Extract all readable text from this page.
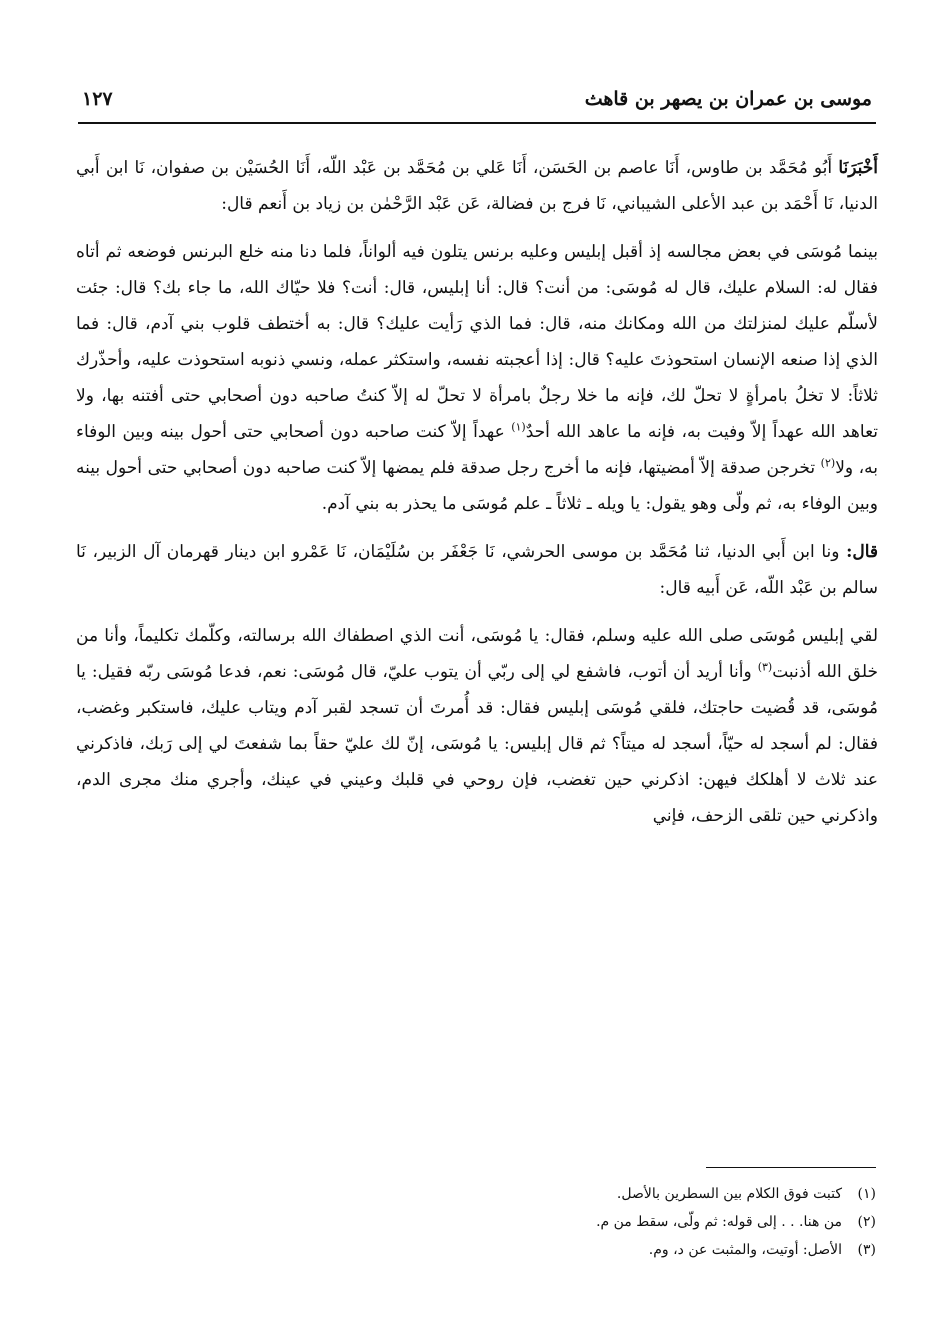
موسى بن عمران بن يصهر بن قاهث
١٢٧

أَخْبَرَنَا أَبُو مُحَمَّد بن طاوس، أَنَا عاصم بن الحَسَن، أَنَا عَلي بن مُحَمَّد بن عَبْد اللّه، أَنَا الحُسَيْن بن صفوان، نَا ابن أَبي الدنيا، نَا أَحْمَد بن عبد الأعلى الشيباني، نَا فرج بن فضالة، عَن عَبْد الرَّحْمٰن بن زياد بن أَنعم قال:

بينما مُوسَى في بعض مجالسه إذ أقبل إبليس وعليه برنس يتلون فيه ألواناً، فلما دنا منه خلع البرنس فوضعه ثم أتاه فقال له: السلام عليك، قال له مُوسَى: من أنت؟ قال: أنا إبليس، قال: أنت؟ فلا حيّاك الله، ما جاء بك؟ قال: جئت لأسلّم عليك لمنزلتك من الله ومكانك منه، قال: فما الذي رَأيت عليك؟ قال: به أختطف قلوب بني آدم، قال: فما الذي إذا صنعه الإنسان استحوذتَ عليه؟ قال: إذا أعجبته نفسه، واستكثر عمله، ونسي ذنوبه استحوذت عليه، وأحذّرك ثلاثاً: لا تخلُ بامرأةٍ لا تحلّ لك، فإنه ما خلا رجلٌ بامرأة لا تحلّ له إلاّ كنتُ صاحبه دون أصحابي حتى أفتنه بها، ولا تعاهد الله عهداً إلاّ وفيت به، فإنه ما عاهد الله أحدٌ$^{(١)}$ عهداً إلاّ كنت صاحبه دون أصحابي حتى أحول بينه وبين الوفاء به، ولا$^{(٢)}$ تخرجن صدقة إلاّ أمضيتها، فإنه ما أخرج رجل صدقة فلم يمضها إلاّ كنت صاحبه دون أصحابي حتى أحول بينه وبين الوفاء به، ثم ولّى وهو يقول: يا ويله ـ ثلاثاً ـ علم مُوسَى ما يحذر به بني آدم.

قال: ونا ابن أَبي الدنيا، ثنا مُحَمَّد بن موسى الحرشي، نَا جَعْفَر بن سُلَيْمَان، نَا عَمْرو ابن دينار قهرمان آل الزبير، نَا سالم بن عَبْد اللّه، عَن أَبيه قال:

لقي إبليس مُوسَى صلى الله عليه وسلم، فقال: يا مُوسَى، أنت الذي اصطفاك الله برسالته، وكلّمك تكليماً، وأنا من خلق الله أذنبت$^{(٣)}$ وأنا أريد أن أتوب، فاشفع لي إلى ربّي أن يتوب عليّ، قال مُوسَى: نعم، فدعا مُوسَى ربّه فقيل: يا مُوسَى، قد قُضيت حاجتك، فلقي مُوسَى إبليس فقال: قد أُمرتَ أن تسجد لقبر آدم ويتاب عليك، فاستكبر وغضب، فقال: لم أسجد له حيّاً، أسجد له ميتاً؟ ثم قال إبليس: يا مُوسَى، إنّ لك عليّ حقاً بما شفعتَ لي إلى رَبك، فاذكرني عند ثلاث لا أهلكك فيهن: اذكرني حين تغضب، فإن روحي في قلبك وعيني في عينك، وأجري منك مجرى الدم، واذكرني حين تلقى الزحف، فإني

(١)كتبت فوق الكلام بين السطرين بالأصل.
(٢)من هنا. . . إلى قوله: ثم ولّى، سقط من م.
(٣)الأصل: أوتيت، والمثبت عن د، وم.
